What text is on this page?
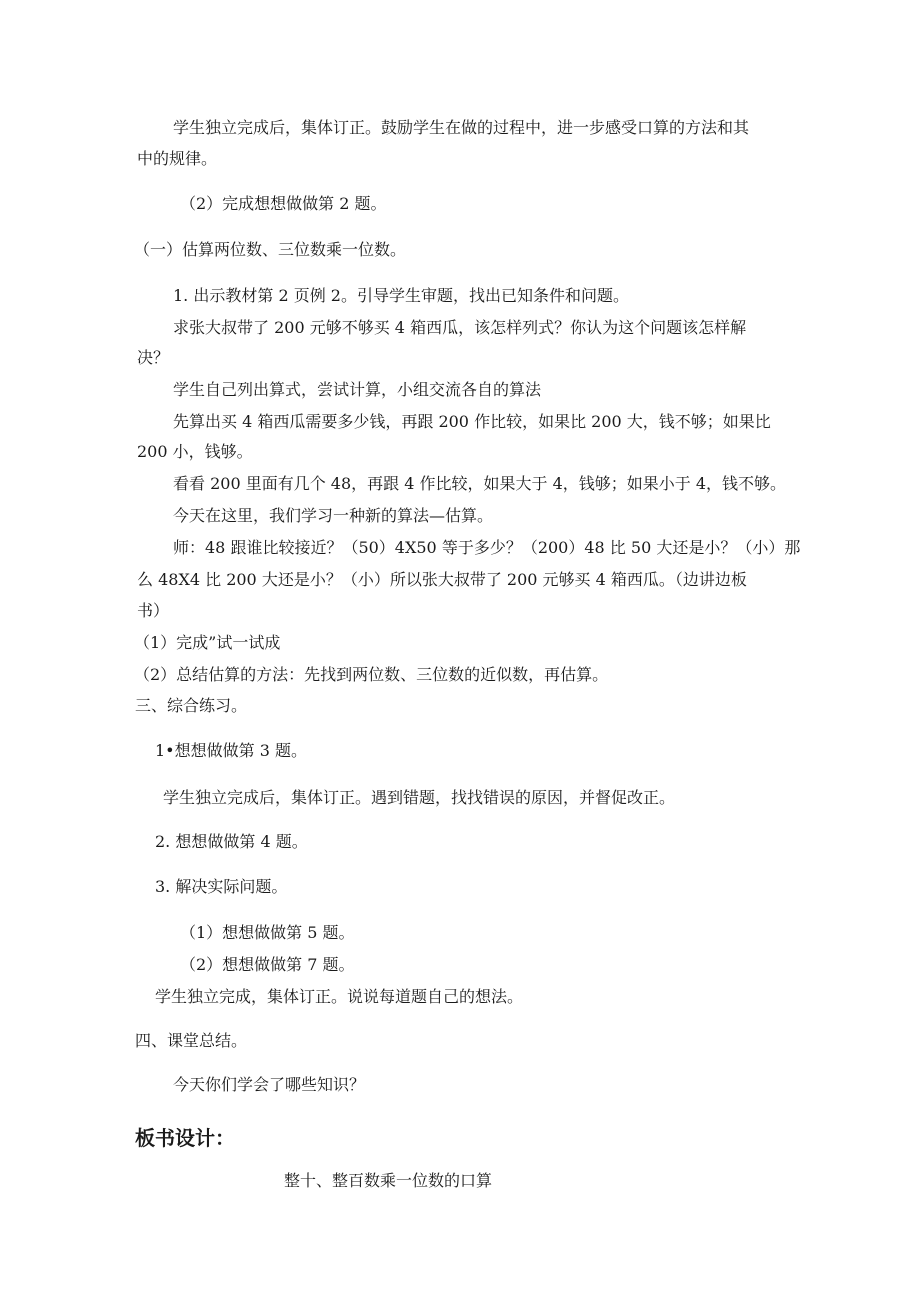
学生独立完成后，集体订正。鼓励学生在做的过程中，进一步感受口算的方法和其
中的规律。
（2）完成想想做做第 2 题。
（一）估算两位数、三位数乘一位数。
1. 出示教材第 2 页例 2。引导学生审题，找出已知条件和问题。
求张大叔带了 200 元够不够买 4 箱西瓜，该怎样列式？你认为这个问题该怎样解
决？
学生自己列出算式，尝试计算，小组交流各自的算法
先算出买 4 箱西瓜需要多少钱，再跟 200 作比较，如果比 200 大，钱不够；如果比
200 小，钱够。
看看 200 里面有几个 48，再跟 4 作比较，如果大于 4，钱够；如果小于 4，钱不够。
今天在这里，我们学习一种新的算法—估算。
师：48 跟谁比较接近？（50）4X50 等于多少？（200）48 比 50 大还是小？（小）那
么 48X4 比 200 大还是小？（小）所以张大叔带了 200 元够买 4 箱西瓜。（边讲边板
书）
（1）完成”试一试成
（2）总结估算的方法：先找到两位数、三位数的近似数，再估算。
三、综合练习。
1•想想做做第 3 题。
学生独立完成后，集体订正。遇到错题，找找错误的原因，并督促改正。
2. 想想做做第 4 题。
3. 解决实际问题。
（1）想想做做第 5 题。
（2）想想做做第 7 题。
学生独立完成，集体订正。说说每道题自己的想法。
四、课堂总结。
今天你们学会了哪些知识？
板书设计：
整十、整百数乘一位数的口算
